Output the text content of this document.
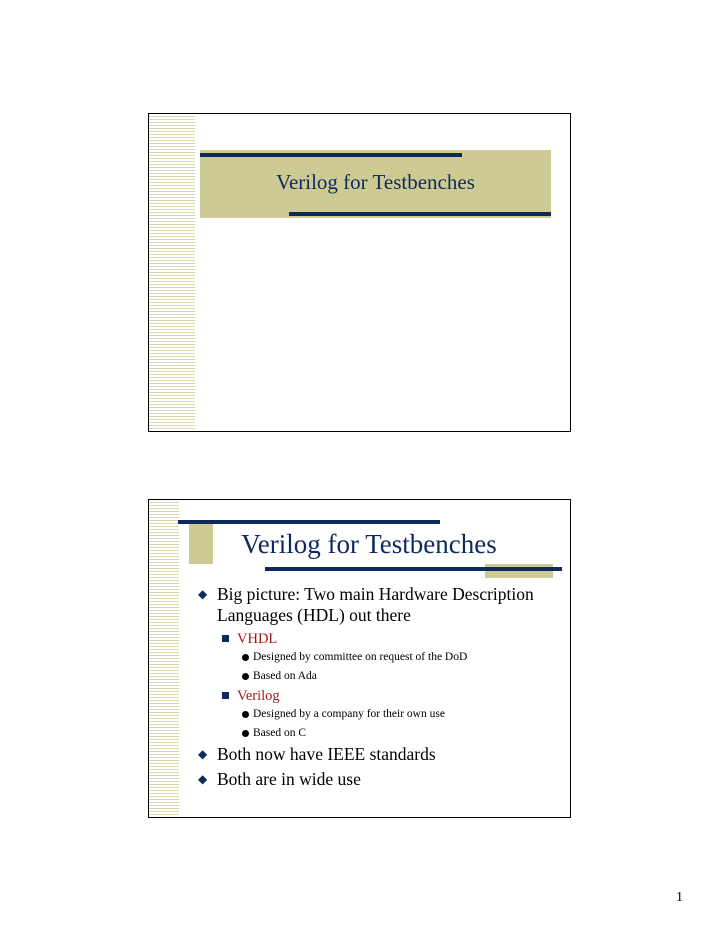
Verilog for Testbenches
Verilog for Testbenches
◆ Big picture: Two main Hardware Description Languages (HDL) out there
VHDL
Designed by committee on request of the DoD
Based on Ada
Verilog
Designed by a company for their own use
Based on C
◆ Both now have IEEE standards
◆ Both are in wide use
1
